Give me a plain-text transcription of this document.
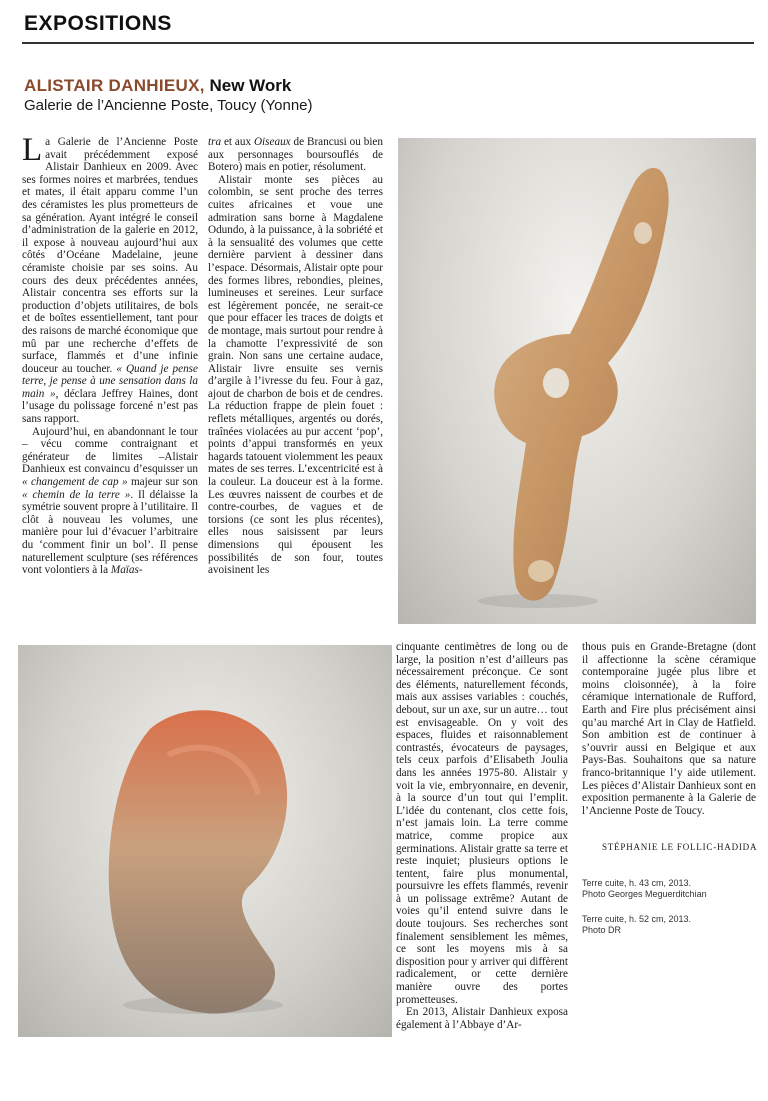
EXPOSITIONS
ALISTAIR DANHIEUX, New Work
Galerie de l’Ancienne Poste, Toucy (Yonne)

La Galerie de l’Ancienne Poste avait précédemment exposé Alistair Danhieux en 2009. Avec ses formes noires et marbrées, tendues et mates, il était apparu comme l’un des céramistes les plus prometteurs de sa génération. Ayant intégré le conseil d’administration de la galerie en 2012, il expose à nouveau aujourd’hui aux côtés d’Océane Madelaine, jeune céramiste choisie par ses soins. Au cours des deux précédentes années, Alistair concentra ses efforts sur la production d’objets utilitaires, de bols et de boîtes essentiellement, tant pour des raisons de marché économique que mû par une recherche d’effets de surface, flammés et d’une infinie douceur au toucher. « Quand je pense terre, je pense à une sensation dans la main », déclara Jeffrey Haines, dont l’usage du polissage forcené n’est pas sans rapport.

Aujourd’hui, en abandonnant le tour – vécu comme contraignant et générateur de limites –Alistair Danhieux est convaincu d’esquisser un « changement de cap » majeur sur son « chemin de la terre ». Il délaisse la symétrie souvent propre à l’utilitaire. Il clôt à nouveau les volumes, une manière pour lui d’évacuer l’arbitraire du ‘comment finir un bol’. Il pense naturellement sculpture (ses références vont volontiers à la Maïas-

tra et aux Oiseaux de Brancusi ou bien aux personnages boursouflés de Botero) mais en potier, résolument.

Alistair monte ses pièces au colombin, se sent proche des terres cuites africaines et voue une admiration sans borne à Magdalene Odundo, à la puissance, à la sobriété et à la sensualité des volumes que cette dernière parvient à dessiner dans l’espace. Désormais, Alistair opte pour des formes libres, rebondies, pleines, lumineuses et sereines. Leur surface est légèrement poncée, ne serait-ce que pour effacer les traces de doigts et de montage, mais surtout pour rendre à la chamotte l’expressivité de son grain. Non sans une certaine audace, Alistair livre ensuite ses vernis d’argile à l’ivresse du feu. Four à gaz, ajout de charbon de bois et de cendres. La réduction frappe de plein fouet : reflets métalliques, argentés ou dorés, traînées violacées au pur accent ‘pop’, points d’appui transformés en yeux hagards tatouent violemment les peaux mates de ses terres. L’excentricité est à la couleur. La douceur est à la forme. Les œuvres naissent de courbes et de contre-courbes, de vagues et de torsions (ce sont les plus récentes), elles nous saisissent par leurs dimensions qui épousent les possibilités de son four, toutes avoisinent les

cinquante centimètres de long ou de large, la position n’est d’ailleurs pas nécessairement préconçue. Ce sont des éléments, naturellement féconds, mais aux assises variables : couchés, debout, sur un axe, sur un autre… tout est envisageable. On y voit des espaces, fluides et raisonnablement contrastés, évocateurs de paysages, tels ceux parfois d’Elisabeth Joulia dans les années 1975-80. Alistair y voit la vie, embryonnaire, en devenir, à la source d’un tout qui l’emplit. L’idée du contenant, clos cette fois, n’est jamais loin. La terre comme matrice, comme propice aux germinations. Alistair gratte sa terre et reste inquiet; plusieurs options le tentent, faire plus monumental, poursuivre les effets flammés, revenir à un polissage extrême? Autant de voies qu’il entend suivre dans le doute toujours. Ses recherches sont finalement sensiblement les mêmes, ce sont les moyens mis à sa disposition pour y arriver qui diffèrent radicalement, or cette dernière manière ouvre des portes prometteuses.

En 2013, Alistair Danhieux exposa également à l’Abbaye d’Ar-

thous puis en Grande-Bretagne (dont il affectionne la scène céramique contemporaine jugée plus libre et moins cloisonnée), à la foire céramique internationale de Rufford, Earth and Fire plus précisément ainsi qu’au marché Art in Clay de Hatfield. Son ambition est de continuer à s’ouvrir aussi en Belgique et aux Pays-Bas. Souhaitons que sa nature franco-britannique l’y aide utilement. Les pièces d’Alistair Danhieux sont en exposition permanente à la Galerie de l’Ancienne Poste de Toucy.

STÉPHANIE LE FOLLIC-HADIDA
Terre cuite, h. 43 cm, 2013.
Photo Georges Meguerditchian
Terre cuite, h. 52 cm, 2013.
Photo DR
